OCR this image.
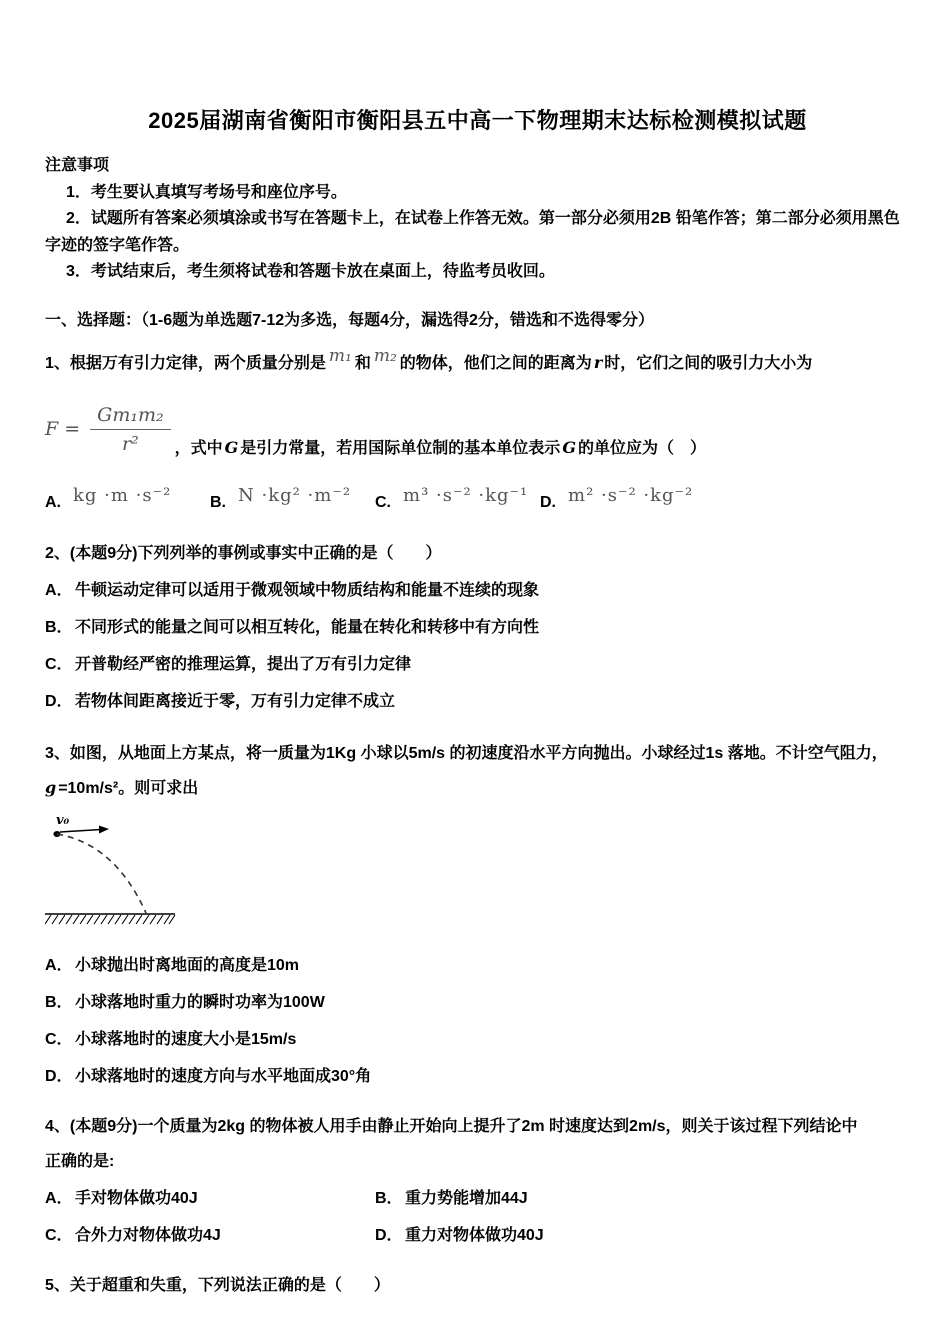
2025届湖南省衡阳市衡阳县五中高一下物理期末达标检测模拟试题

注意事项

1．考生要认真填写考场号和座位序号。

2．试题所有答案必须填涂或书写在答题卡上，在试卷上作答无效。第一部分必须用2B 铅笔作答；第二部分必须用黑色字迹的签字笔作答。

3．考试结束后，考生须将试卷和答题卡放在桌面上，待监考员收回。

一、选择题：（1-6题为单选题7-12为多选，每题4分，漏选得2分，错选和不选得零分）
1、根据万有引力定律，两个质量分别是 m₁ 和 m₂ 的物体，他们之间的距离为 r 时，它们之间的吸引力大小为
$F = \frac{\text{Gm₁m₂}}{\text{r²}}$ ，式中 G 是引力常量，若用国际单位制的基本单位表示 G 的单位应为（　）
A. kg ·m ·s⁻² B. N ·kg² ·m⁻² C. m³ ·s⁻² ·kg⁻¹ D. m² ·s⁻² ·kg⁻²
2、(本题9分)下列列举的事例或事实中正确的是（　　）
A． 牛顿运动定律可以适用于微观领域中物质结构和能量不连续的现象
B． 不同形式的能量之间可以相互转化，能量在转化和转移中有方向性
C． 开普勒经严密的推理运算，提出了万有引力定律
D． 若物体间距离接近于零，万有引力定律不成立
3、如图，从地面上方某点，将一质量为1Kg 小球以5m/s 的初速度沿水平方向抛出。小球经过1s 落地。不计空气阻力，
g =10m/s²。则可求出
v₀
A． 小球抛出时离地面的高度是10m
B． 小球落地时重力的瞬时功率为100W
C． 小球落地时的速度大小是15m/s
D． 小球落地时的速度方向与水平地面成30°角
4、(本题9分)一个质量为2kg 的物体被人用手由静止开始向上提升了2m 时速度达到2m/s，则关于该过程下列结论中
正确的是:
A． 手对物体做功40J	B． 重力势能增加44J
C． 合外力对物体做功4J	D． 重力对物体做功40J
5、关于超重和失重，下列说法正确的是（　　）
